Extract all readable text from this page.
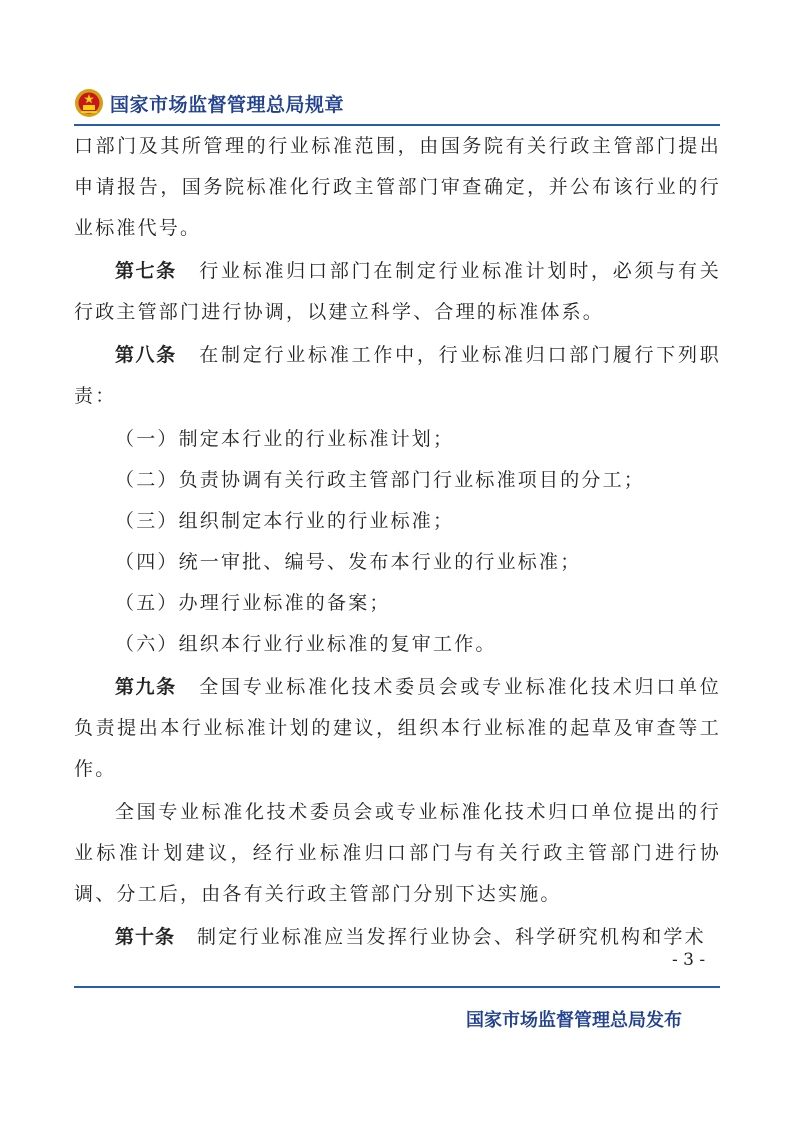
国家市场监督管理总局规章

口部门及其所管理的行业标准范围，由国务院有关行政主管部门提出申请报告，国务院标准化行政主管部门审查确定，并公布该行业的行业标准代号。

第七条 行业标准归口部门在制定行业标准计划时，必须与有关行政主管部门进行协调，以建立科学、合理的标准体系。

第八条 在制定行业标准工作中，行业标准归口部门履行下列职责：

（一）制定本行业的行业标准计划；

（二）负责协调有关行政主管部门行业标准项目的分工；

（三）组织制定本行业的行业标准；

（四）统一审批、编号、发布本行业的行业标准；

（五）办理行业标准的备案；

（六）组织本行业行业标准的复审工作。

第九条 全国专业标准化技术委员会或专业标准化技术归口单位负责提出本行业标准计划的建议，组织本行业标准的起草及审查等工作。

全国专业标准化技术委员会或专业标准化技术归口单位提出的行业标准计划建议，经行业标准归口部门与有关行政主管部门进行协调、分工后，由各有关行政主管部门分别下达实施。

第十条 制定行业标准应当发挥行业协会、科学研究机构和学术

- 3 -
国家市场监督管理总局发布
